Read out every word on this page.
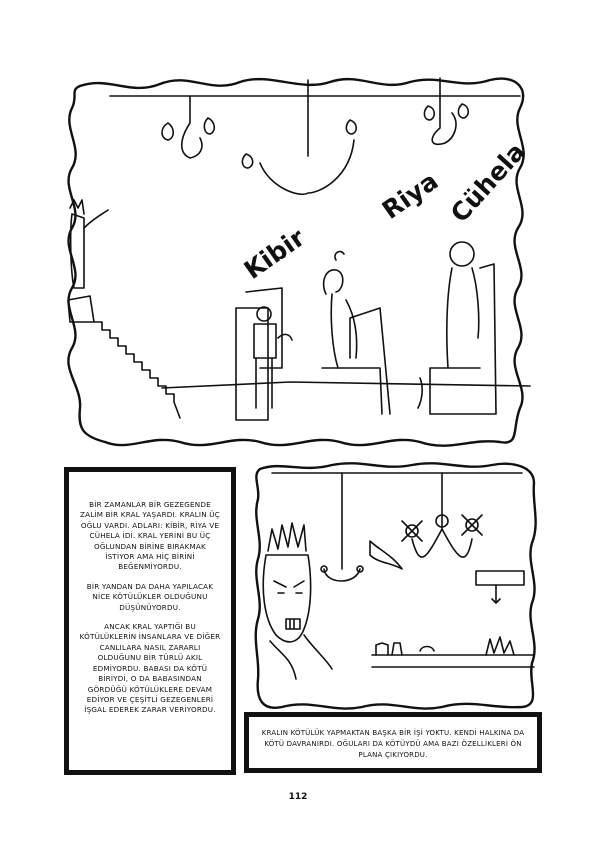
Kibir
Riya Cühela

BİR ZAMANLAR BİR GEZEGENDE ZALİM BİR KRAL YAŞARDI. KRALIN ÜÇ OĞLU VARDI. ADLARI: KİBİR, RİYA VE CÜHELA İDİ. KRAL YERİNİ BU ÜÇ OĞLUNDAN BİRİNE BIRAKMAK İSTİYOR AMA HİÇ BİRİNİ BEĞENMİYORDU.

BİR YANDAN DA DAHA YAPILACAK NİCE KÖTÜLÜKLER OLDUĞUNU DÜŞÜNÜYORDU.

ANCAK KRAL YAPTIĞI BU KÖTÜLÜKLERİN İNSANLARA VE DİĞER CANLILARA NASIL ZARARLI OLDUĞUNU BİR TÜRLÜ AKIL EDMİYORDU. BABASI DA KÖTÜ BİRİYDİ, O DA BABASINDAN GÖRDÜĞÜ KÖTÜLÜKLERE DEVAM EDİYOR VE ÇEŞİTLİ GEZEGENLERİ İŞGAL EDEREK ZARAR VERİYORDU.

KRALIN KÖTÜLÜK YAPMAKTAN BAŞKA BİR İŞİ YOKTU. KENDİ HALKINA DA KÖTÜ DAVRANIRDI. OĞULARI DA KÖTÜYDÜ AMA BAZI ÖZELLİKLERİ ÖN PLANA ÇIKIYORDU.
112
